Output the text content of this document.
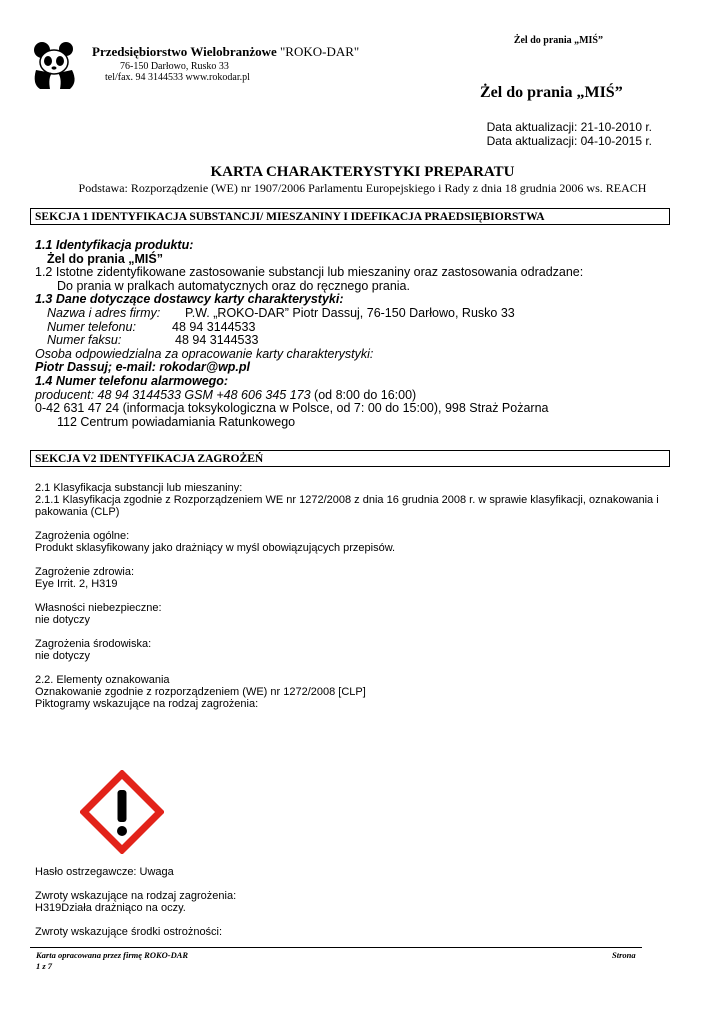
Żel do prania „MIŚ”
Przedsiębiorstwo Wielobranżowe "ROKO-DAR"
76-150 Darłowo, Rusko 33
tel/fax. 94 3144533 www.rokodar.pl
Żel do prania „MIŚ”
Data aktualizacji: 21-10-2010 r.
Data aktualizacji: 04-10-2015 r.
KARTA CHARAKTERYSTYKI PREPARATU
Podstawa: Rozporządzenie (WE) nr 1907/2006 Parlamentu Europejskiego i Rady z dnia 18 grudnia 2006 ws. REACH
SEKCJA 1 IDENTYFIKACJA SUBSTANCJI/ MIESZANINY I IDEFIKACJA PRAEDSIĘBIORSTWA
1.1 Identyfikacja produktu:
Żel do prania „MIŚ”
1.2 Istotne zidentyfikowane zastosowanie substancji lub mieszaniny oraz zastosowania odradzane:
Do prania w pralkach automatycznych oraz do ręcznego prania.
1.3 Dane dotyczące dostawcy karty charakterystyki:
Nazwa i adres firmy: P.W. „ROKO-DAR” Piotr Dassuj, 76-150 Darłowo, Rusko 33
Numer telefonu:	48 94 3144533
Numer faksu:	48 94 3144533
Osoba odpowiedzialna za opracowanie karty charakterystyki:
Piotr Dassuj; e-mail: rokodar@wp.pl
1.4 Numer telefonu alarmowego:
producent: 48 94 3144533 GSM +48 606 345 173 (od 8:00 do 16:00)
0-42 631 47 24 (informacja toksykologiczna w Polsce, od 7: 00 do 15:00), 998 Straż Pożarna
112 Centrum powiadamiania Ratunkowego
SEKCJA V2 IDENTYFIKACJA ZAGROŻEŃ
2.1 Klasyfikacja substancji lub mieszaniny:
2.1.1 Klasyfikacja zgodnie z Rozporządzeniem WE nr 1272/2008 z dnia 16 grudnia 2008 r. w sprawie klasyfikacji, oznakowania i pakowania (CLP)
Zagrożenia ogólne:
Produkt sklasyfikowany jako drażniący w myśl obowiązujących przepisów.
Zagrożenie zdrowia:
Eye Irrit. 2, H319
Własności niebezpieczne:
nie dotyczy
Zagrożenia środowiska:
nie dotyczy
2.2. Elementy oznakowania
Oznakowanie zgodnie z rozporządzeniem (WE) nr 1272/2008 [CLP]
Piktogramy wskazujące na rodzaj zagrożenia:
Hasło ostrzegawcze: Uwaga
Zwroty wskazujące na rodzaj zagrożenia:
H319Działa drażniąco na oczy.
Zwroty wskazujące środki ostrożności:
Karta opracowana przez firmę ROKO-DAR
1 z 7
Strona
